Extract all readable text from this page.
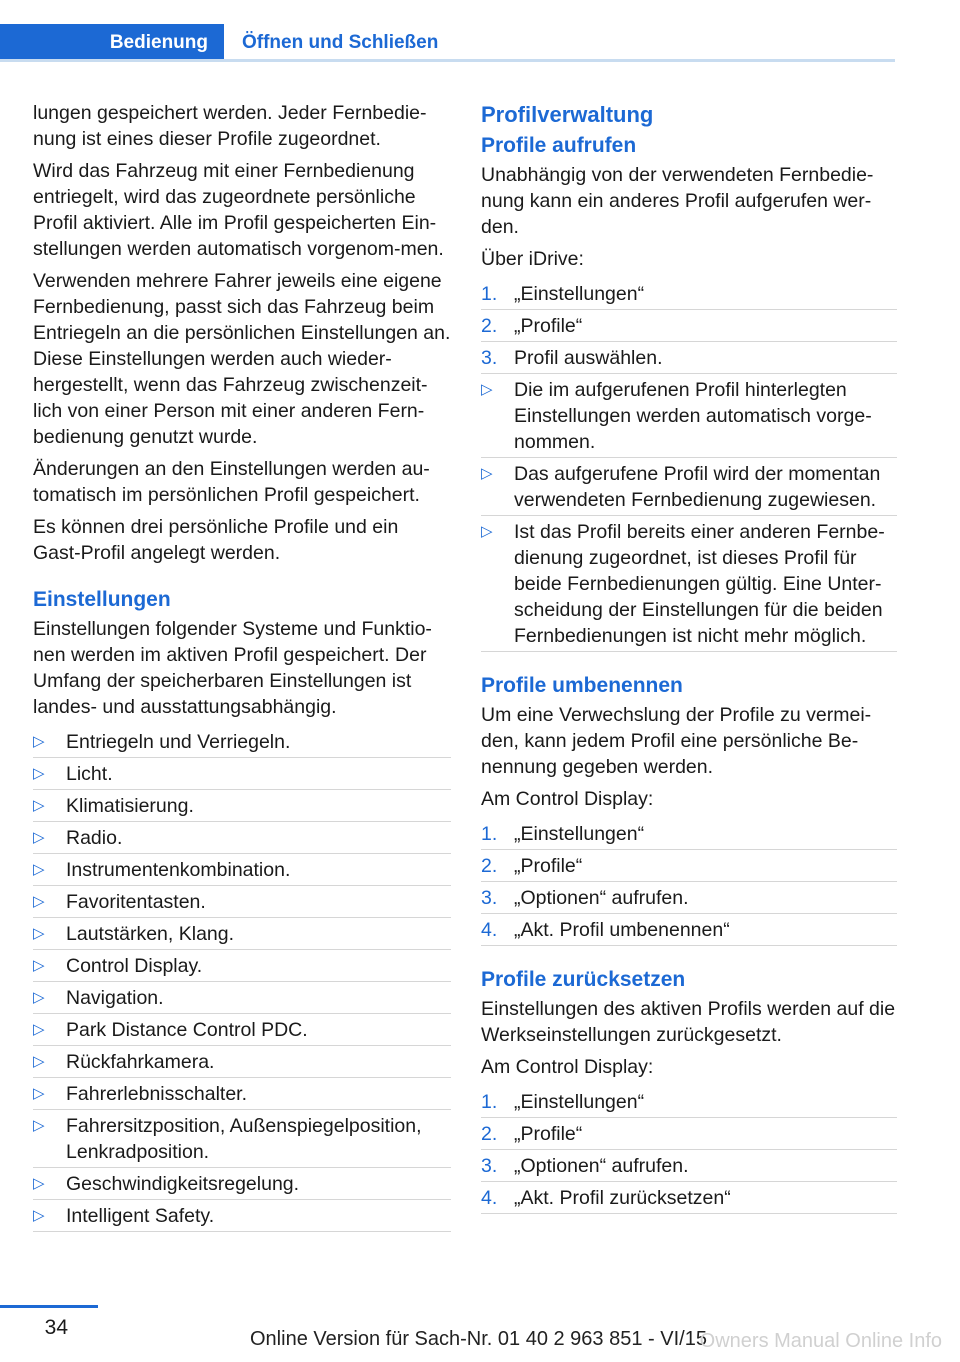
Bedienung	Öffnen und Schließen

lungen gespeichert werden. Jeder Fernbedie‐nung ist eines dieser Profile zugeordnet.

Wird das Fahrzeug mit einer Fernbedienung entriegelt, wird das zugeordnete persönliche Profil aktiviert. Alle im Profil gespeicherten Ein‐stellungen werden automatisch vorgenom‐men.

Verwenden mehrere Fahrer jeweils eine eigene Fernbedienung, passt sich das Fahrzeug beim Entriegeln an die persönlichen Einstellungen an. Diese Einstellungen werden auch wieder‐hergestellt, wenn das Fahrzeug zwischenzeit‐lich von einer Person mit einer anderen Fern‐bedienung genutzt wurde.

Änderungen an den Einstellungen werden au‐tomatisch im persönlichen Profil gespeichert.

Es können drei persönliche Profile und ein Gast-Profil angelegt werden.

Einstellungen

Einstellungen folgender Systeme und Funktio‐nen werden im aktiven Profil gespeichert. Der Umfang der speicherbaren Einstellungen ist landes- und ausstattungsabhängig.

▷ Entriegeln und Verriegeln.
▷ Licht.
▷ Klimatisierung.
▷ Radio.
▷ Instrumentenkombination.
▷ Favoritentasten.
▷ Lautstärken, Klang.
▷ Control Display.
▷ Navigation.
▷ Park Distance Control PDC.
▷ Rückfahrkamera.
▷ Fahrerlebnisschalter.
▷ Fahrersitzposition, Außenspiegelposition, Lenkradposition.
▷ Geschwindigkeitsregelung.
▷ Intelligent Safety.
Profilverwaltung
Profile aufrufen

Unabhängig von der verwendeten Fernbedie‐nung kann ein anderes Profil aufgerufen wer‐den.

Über iDrive:

1. „Einstellungen“
2. „Profile“
3. Profil auswählen.
▷ Die im aufgerufenen Profil hinterlegten Einstellungen werden automatisch vorge‐nommen.
▷ Das aufgerufene Profil wird der momentan verwendeten Fernbedienung zugewiesen.
▷ Ist das Profil bereits einer anderen Fernbe‐dienung zugeordnet, ist dieses Profil für beide Fernbedienungen gültig. Eine Unter‐scheidung der Einstellungen für die beiden Fernbedienungen ist nicht mehr möglich.
Profile umbenennen

Um eine Verwechslung der Profile zu vermei‐den, kann jedem Profil eine persönliche Be‐nennung gegeben werden.

Am Control Display:

1. „Einstellungen“
2. „Profile“
3. „Optionen“ aufrufen.
4. „Akt. Profil umbenennen“
Profile zurücksetzen

Einstellungen des aktiven Profils werden auf die Werkseinstellungen zurückgesetzt.

Am Control Display:

1. „Einstellungen“
2. „Profile“
3. „Optionen“ aufrufen.
4. „Akt. Profil zurücksetzen“
34	Online Version für Sach-Nr. 01 40 2 963 851 - VI/15
Owners Manual Online Info
